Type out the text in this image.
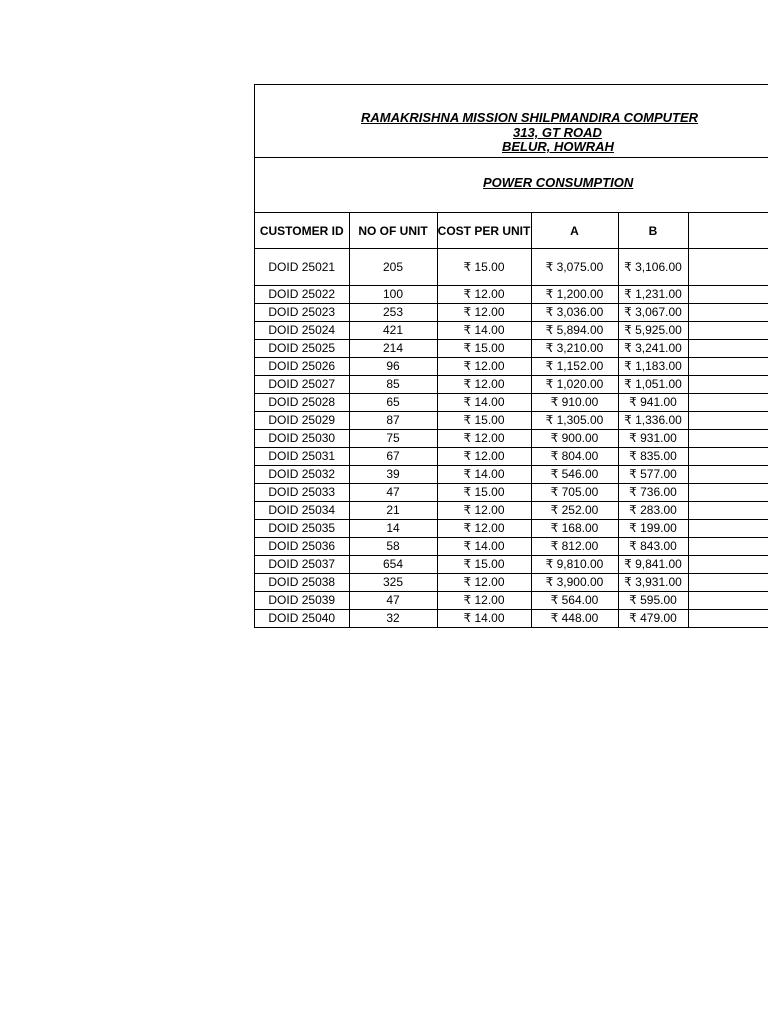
RAMAKRISHNA MISSION SHILPMANDIRA COMPUTER
313, GT ROAD
BELUR, HOWRAH
POWER CONSUMPTION
CUSTOMER ID	NO OF UNIT	COST PER UNIT	A	B	
DOID 25021	205	₹ 15.00	₹ 3,075.00	₹ 3,106.00	
DOID 25022	100	₹ 12.00	₹ 1,200.00	₹ 1,231.00	
DOID 25023	253	₹ 12.00	₹ 3,036.00	₹ 3,067.00	
DOID 25024	421	₹ 14.00	₹ 5,894.00	₹ 5,925.00	
DOID 25025	214	₹ 15.00	₹ 3,210.00	₹ 3,241.00	
DOID 25026	96	₹ 12.00	₹ 1,152.00	₹ 1,183.00	
DOID 25027	85	₹ 12.00	₹ 1,020.00	₹ 1,051.00	
DOID 25028	65	₹ 14.00	₹ 910.00	₹ 941.00	
DOID 25029	87	₹ 15.00	₹ 1,305.00	₹ 1,336.00	
DOID 25030	75	₹ 12.00	₹ 900.00	₹ 931.00	
DOID 25031	67	₹ 12.00	₹ 804.00	₹ 835.00	
DOID 25032	39	₹ 14.00	₹ 546.00	₹ 577.00	
DOID 25033	47	₹ 15.00	₹ 705.00	₹ 736.00	
DOID 25034	21	₹ 12.00	₹ 252.00	₹ 283.00	
DOID 25035	14	₹ 12.00	₹ 168.00	₹ 199.00	
DOID 25036	58	₹ 14.00	₹ 812.00	₹ 843.00	
DOID 25037	654	₹ 15.00	₹ 9,810.00	₹ 9,841.00	
DOID 25038	325	₹ 12.00	₹ 3,900.00	₹ 3,931.00	
DOID 25039	47	₹ 12.00	₹ 564.00	₹ 595.00	
DOID 25040	32	₹ 14.00	₹ 448.00	₹ 479.00	
